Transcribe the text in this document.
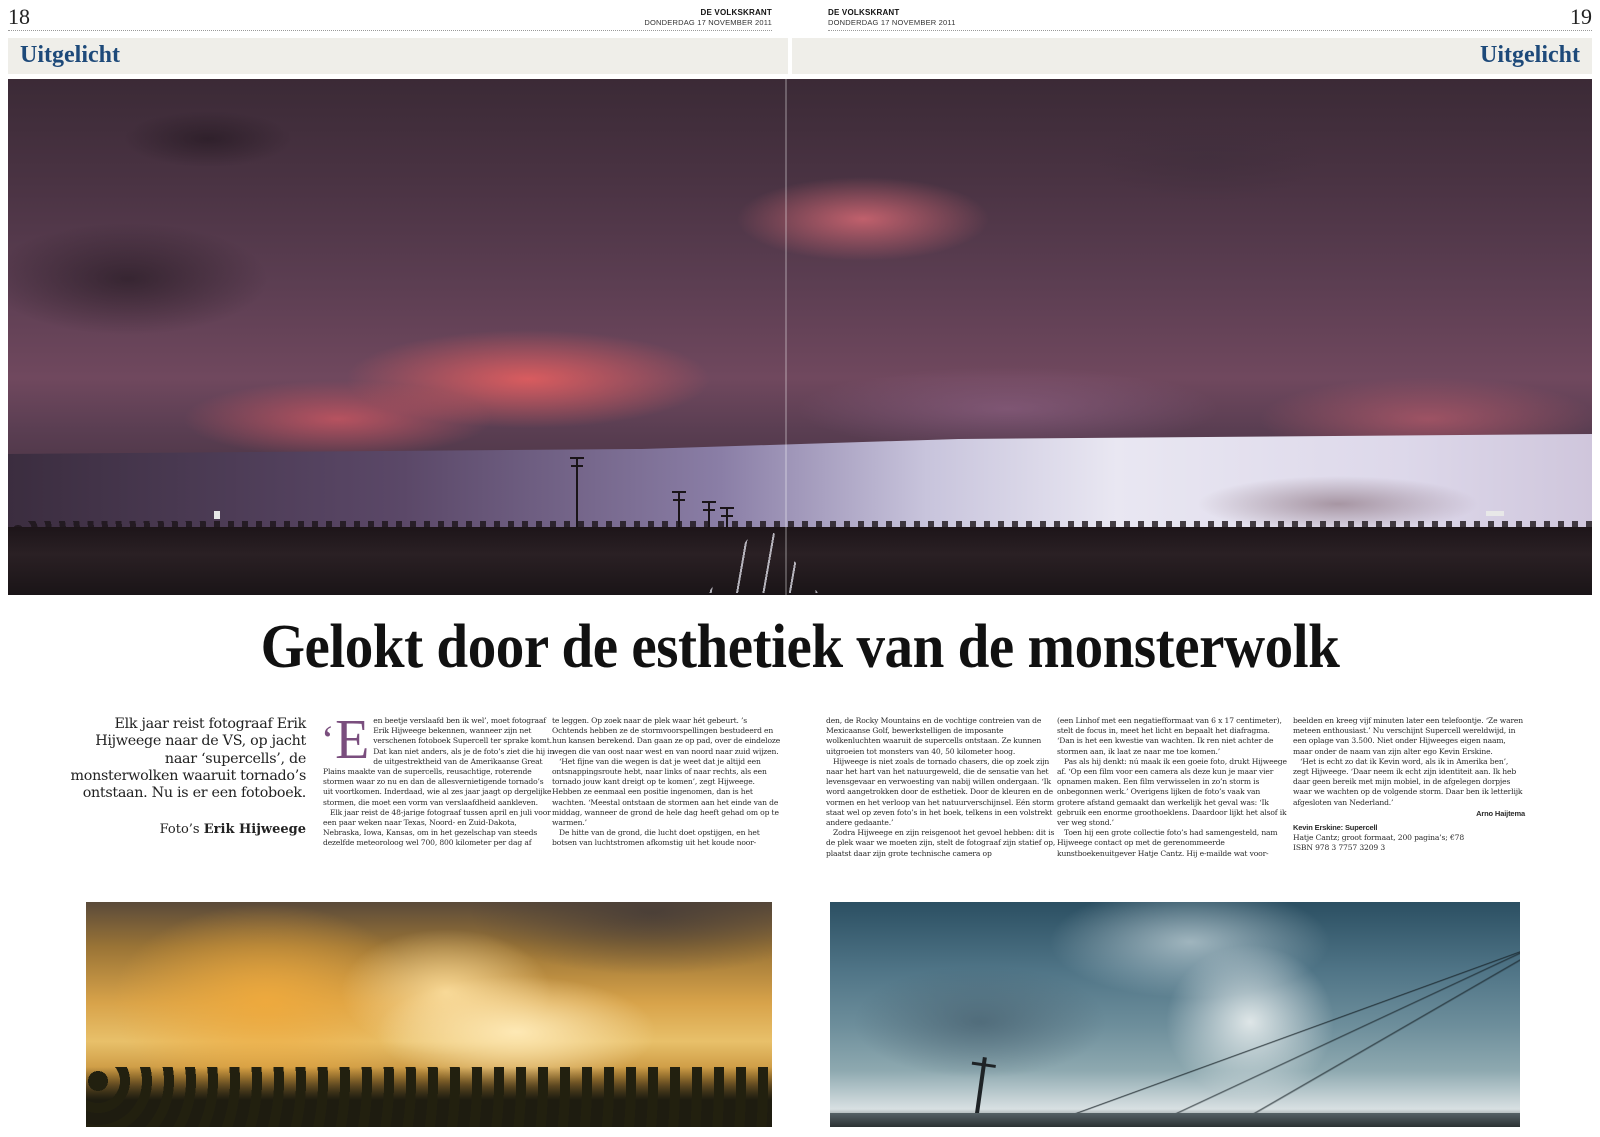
18	DE VOLKSKRANT
DONDERDAG 17 NOVEMBER 2011
Uitgelicht
19
DE VOLKSKRANT
DONDERDAG 17 NOVEMBER 2011
Uitgelicht
Gelokt door de esthetiek van de monsterwolk
Elk jaar reist fotograaf Erik Hijweege naar de VS, op jacht naar ‘supercells’, de monsterwolken waaruit tornado’s ontstaan. Nu is er een fotoboek.
Foto’s Erik Hijweege
‘E en beetje verslaafd ben ik wel’, moet fotograaf Erik Hijweege bekennen, wanneer zijn net verschenen fotoboek Supercell ter sprake komt. Dat kan niet anders, als je de foto’s ziet die hij in de uitgestrektheid van de Amerikaanse Great Plains maakte van de supercells, reusachtige, roterende stormen waar zo nu en dan de allesvernietigende tornado’s uit voortkomen. Inderdaad, wie al zes jaar jaagt op dergelijke stormen, die moet een vorm van verslaafdheid aankleven.

Elk jaar reist de 48-jarige fotograaf tussen april en juli voor een paar weken naar Texas, Noord- en Zuid-Dakota, Nebraska, Iowa, Kansas, om in het gezelschap van steeds dezelfde meteoroloog wel 700, 800 kilometer per dag af

te leggen. Op zoek naar de plek waar hét gebeurt. ’s Ochtends hebben ze de stormvoorspellingen bestudeerd en hun kansen berekend. Dan gaan ze op pad, over de eindeloze wegen die van oost naar west en van noord naar zuid wijzen.

‘Het fijne van die wegen is dat je weet dat je altijd een ontsnappingsroute hebt, naar links of naar rechts, als een tornado jouw kant dreigt op te komen’, zegt Hijweege. Hebben ze eenmaal een positie ingenomen, dan is het wachten. ‘Meestal ontstaan de stormen aan het einde van de middag, wanneer de grond de hele dag heeft gehad om op te warmen.’

De hitte van de grond, die lucht doet opstijgen, en het botsen van luchtstromen afkomstig uit het koude noor-

den, de Rocky Mountains en de vochtige contreien van de Mexicaanse Golf, bewerkstelligen de imposante wolkenluchten waaruit de supercells ontstaan. Ze kunnen uitgroeien tot monsters van 40, 50 kilometer hoog.

Hijweege is niet zoals de tornado chasers, die op zoek zijn naar het hart van het natuurgeweld, die de sensatie van het levensgevaar en verwoesting van nabij willen ondergaan. ‘Ik word aangetrokken door de esthetiek. Door de kleuren en de vormen en het verloop van het natuurverschijnsel. Eén storm staat wel op zeven foto’s in het boek, telkens in een volstrekt andere gedaante.’

Zodra Hijweege en zijn reisgenoot het gevoel hebben: dit is de plek waar we moeten zijn, stelt de fotograaf zijn statief op, plaatst daar zijn grote technische camera op

(een Linhof met een negatiefformaat van 6 x 17 centimeter), stelt de focus in, meet het licht en bepaalt het diafragma. ‘Dan is het een kwestie van wachten. Ik ren niet achter de stormen aan, ik laat ze naar me toe komen.’

Pas als hij denkt: nú maak ik een goeie foto, drukt Hijweege af. ‘Op een film voor een camera als deze kun je maar vier opnamen maken. Een film verwisselen in zo’n storm is onbegonnen werk.’ Overigens lijken de foto’s vaak van grotere afstand gemaakt dan werkelijk het geval was: ‘Ik gebruik een enorme groothoeklens. Daardoor lijkt het alsof ik ver weg stond.’

Toen hij een grote collectie foto’s had samengesteld, nam Hijweege contact op met de gerenommeerde kunstboekenuitgever Hatje Cantz. Hij e-mailde wat voor-

beelden en kreeg vijf minuten later een telefoontje. ‘Ze waren meteen enthousiast.’ Nu verschijnt Supercell wereldwijd, in een oplage van 3.500. Niet onder Hijweeges eigen naam, maar onder de naam van zijn alter ego Kevin Erskine.

‘Het is echt zo dat ik Kevin word, als ik in Amerika ben’, zegt Hijweege. ‘Daar neem ik echt zijn identiteit aan. Ik heb daar geen bereik met mijn mobiel, in de afgelegen dorpjes waar we wachten op de volgende storm. Daar ben ik letterlijk afgesloten van Nederland.’

Arno Haijtema
Kevin Erskine: Supercell
Hatje Cantz; groot formaat, 200 pagina’s; €78
ISBN 978 3 7757 3209 3
